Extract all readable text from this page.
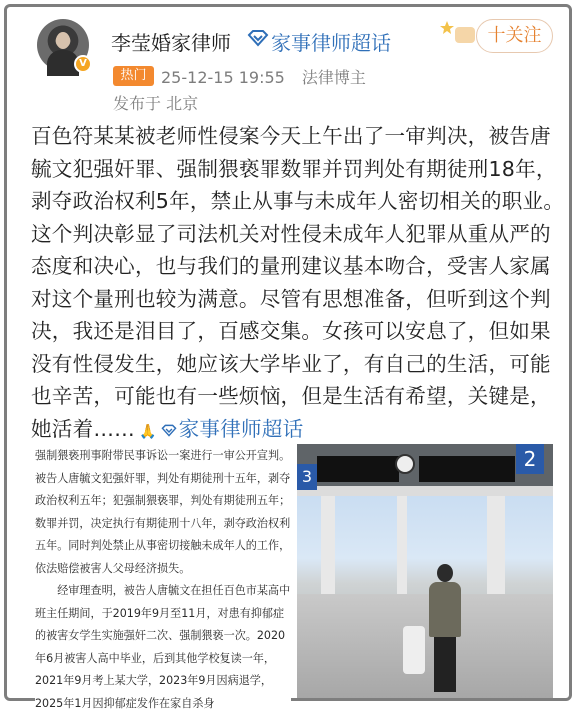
V
李莹婚家律师 家事律师超话	十关注
热门 25-12-15 19:55 法律博主
发布于 北京
百色符某某被老师性侵案今天上午出了一审判决，被告唐毓文犯强奸罪、强制猥亵罪数罪并罚判处有期徒刑18年，剥夺政治权利5年，禁止从事与未成年人密切相关的职业。这个判决彰显了司法机关对性侵未成年人犯罪从重从严的态度和决心，也与我们的量刑建议基本吻合，受害人家属对这个量刑也较为满意。尽管有思想准备，但听到这个判决，我还是泪目了，百感交集。女孩可以安息了，但如果没有性侵发生，她应该大学毕业了，有自己的生活，可能也辛苦，可能也有一些烦恼，但是生活有希望，关键是，她活着…… 🙏 家事律师超话

强制猥亵刑事附带民事诉讼一案进行一审公开宣判。被告人唐毓文犯强奸罪，判处有期徒刑十五年，剥夺政治权利五年；犯强制猥亵罪，判处有期徒刑五年；数罪并罚，决定执行有期徒刑十八年，剥夺政治权利五年。同时判处禁止从事密切接触未成年人的工作，依法赔偿被害人父母经济损失。

经审理查明，被告人唐毓文在担任百色市某高中班主任期间，于2019年9月至11月，对患有抑郁症的被害女学生实施强奸二次、强制猥亵一次。2020年6月被害人高中毕业，后到其他学校复读一年，2021年9月考上某大学，2023年9月因病退学，2025年1月因抑郁症发作在家自杀身

3
2
